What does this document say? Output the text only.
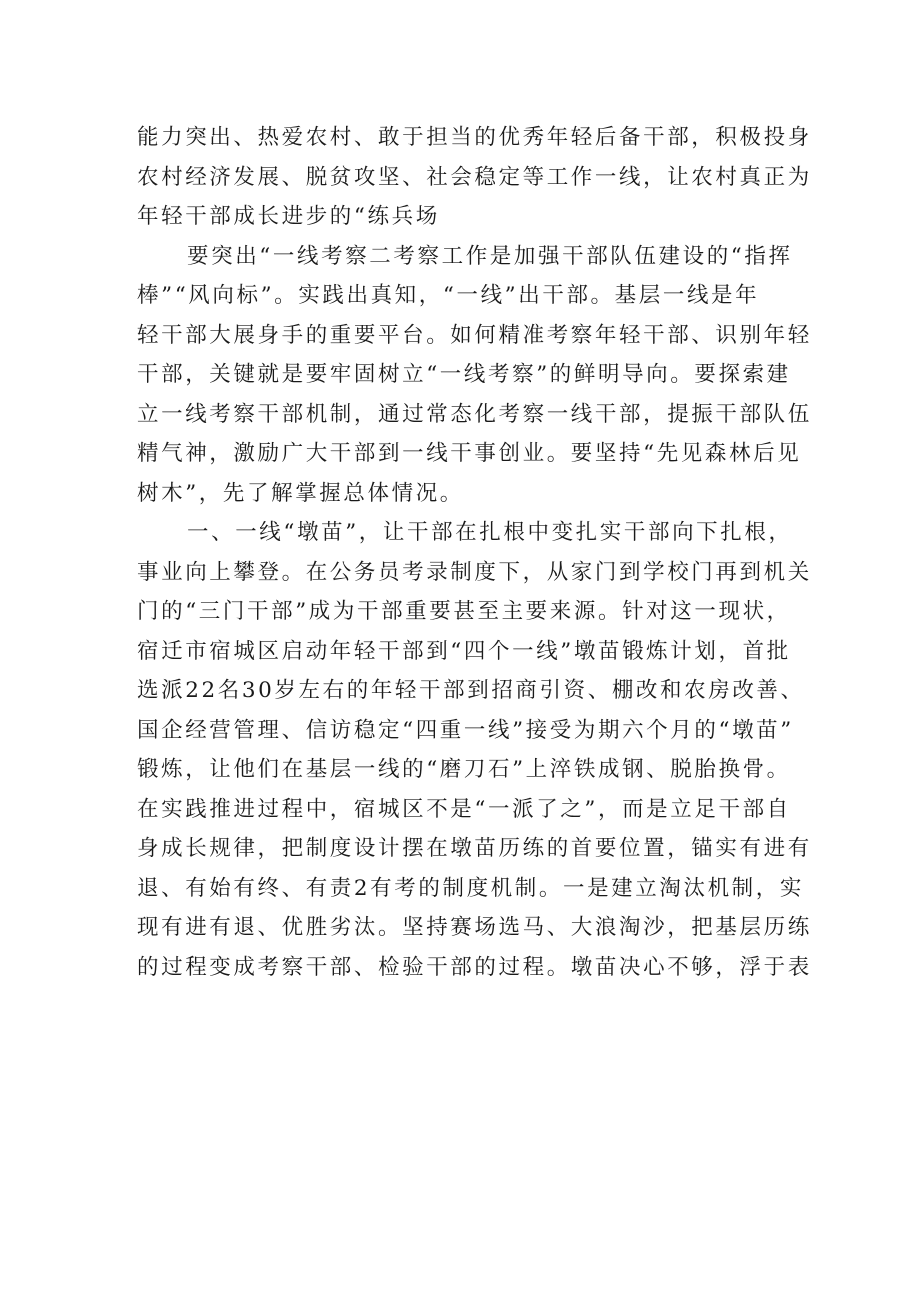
能力突出、热爱农村、敢于担当的优秀年轻后备干部，积极投身
农村经济发展、脱贫攻坚、社会稳定等工作一线，让农村真正为
年轻干部成长进步的“练兵场
要突出“一线考察二考察工作是加强干部队伍建设的“指挥
棒”“风向标”。实践出真知，“一线”出干部。基层一线是年
轻干部大展身手的重要平台。如何精准考察年轻干部、识别年轻
干部，关键就是要牢固树立“一线考察”的鲜明导向。要探索建
立一线考察干部机制，通过常态化考察一线干部，提振干部队伍
精气神，激励广大干部到一线干事创业。要坚持“先见森林后见
树木”，先了解掌握总体情况。
一、一线“墩苗”，让干部在扎根中变扎实干部向下扎根，
事业向上攀登。在公务员考录制度下，从家门到学校门再到机关
门的“三门干部”成为干部重要甚至主要来源。针对这一现状，
宿迁市宿城区启动年轻干部到“四个一线”墩苗锻炼计划，首批
选派22名30岁左右的年轻干部到招商引资、棚改和农房改善、
国企经营管理、信访稳定“四重一线”接受为期六个月的“墩苗”
锻炼，让他们在基层一线的“磨刀石”上淬铁成钢、脱胎换骨。
在实践推进过程中，宿城区不是“一派了之”，而是立足干部自
身成长规律，把制度设计摆在墩苗历练的首要位置，锚实有进有
退、有始有终、有责2有考的制度机制。一是建立淘汰机制，实
现有进有退、优胜劣汰。坚持赛场选马、大浪淘沙，把基层历练
的过程变成考察干部、检验干部的过程。墩苗决心不够，浮于表
